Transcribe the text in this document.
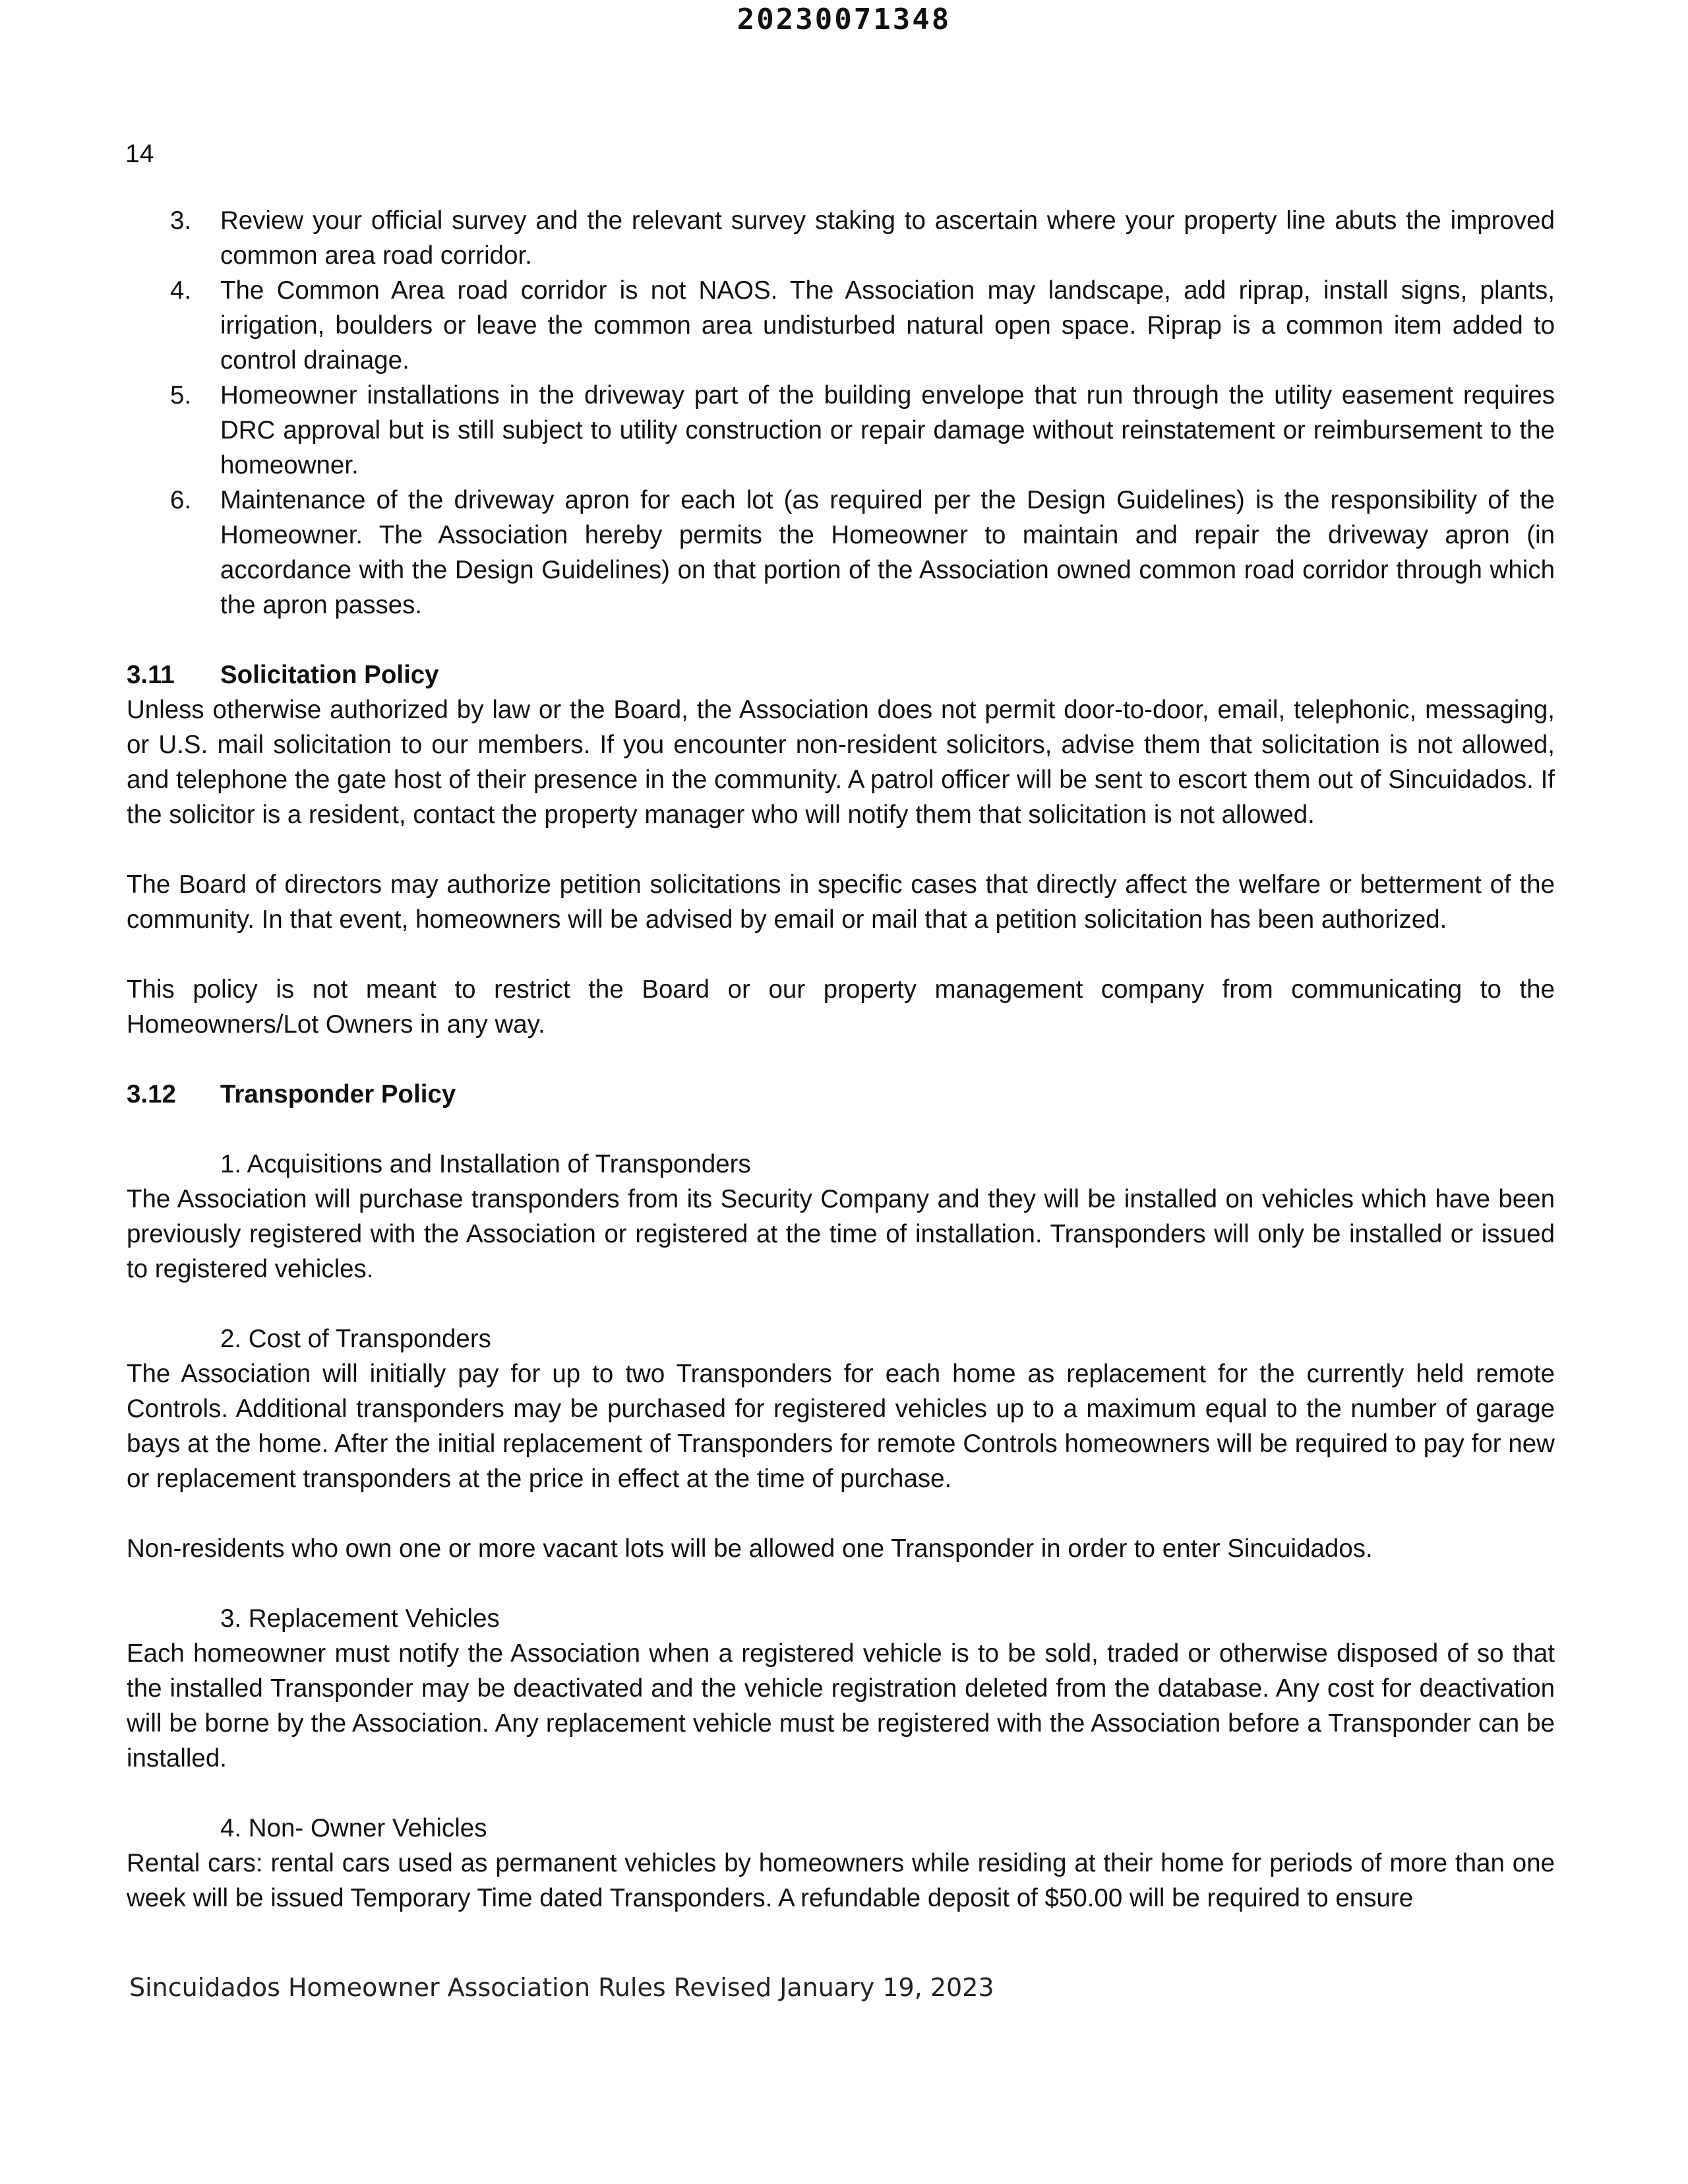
20230071348
14
3. Review your official survey and the relevant survey staking to ascertain where your property line abuts the improved common area road corridor.
4. The Common Area road corridor is not NAOS. The Association may landscape, add riprap, install signs, plants, irrigation, boulders or leave the common area undisturbed natural open space. Riprap is a common item added to control drainage.
5. Homeowner installations in the driveway part of the building envelope that run through the utility easement requires DRC approval but is still subject to utility construction or repair damage without reinstatement or reimbursement to the homeowner.
6. Maintenance of the driveway apron for each lot (as required per the Design Guidelines) is the responsibility of the Homeowner. The Association hereby permits the Homeowner to maintain and repair the driveway apron (in accordance with the Design Guidelines) on that portion of the Association owned common road corridor through which the apron passes.
3.11 Solicitation Policy

Unless otherwise authorized by law or the Board, the Association does not permit door-to-door, email, telephonic, messaging, or U.S. mail solicitation to our members. If you encounter non-resident solicitors, advise them that solicitation is not allowed, and telephone the gate host of their presence in the community. A patrol officer will be sent to escort them out of Sincuidados. If the solicitor is a resident, contact the property manager who will notify them that solicitation is not allowed.

The Board of directors may authorize petition solicitations in specific cases that directly affect the welfare or betterment of the community. In that event, homeowners will be advised by email or mail that a petition solicitation has been authorized.

This policy is not meant to restrict the Board or our property management company from communicating to the Homeowners/Lot Owners in any way.

3.12 Transponder Policy
1. Acquisitions and Installation of Transponders

The Association will purchase transponders from its Security Company and they will be installed on vehicles which have been previously registered with the Association or registered at the time of installation. Transponders will only be installed or issued to registered vehicles.

2. Cost of Transponders

The Association will initially pay for up to two Transponders for each home as replacement for the currently held remote Controls. Additional transponders may be purchased for registered vehicles up to a maximum equal to the number of garage bays at the home. After the initial replacement of Transponders for remote Controls homeowners will be required to pay for new or replacement transponders at the price in effect at the time of purchase.

Non-residents who own one or more vacant lots will be allowed one Transponder in order to enter Sincuidados.

3. Replacement Vehicles

Each homeowner must notify the Association when a registered vehicle is to be sold, traded or otherwise disposed of so that the installed Transponder may be deactivated and the vehicle registration deleted from the database. Any cost for deactivation will be borne by the Association. Any replacement vehicle must be registered with the Association before a Transponder can be installed.

4. Non- Owner Vehicles

Rental cars: rental cars used as permanent vehicles by homeowners while residing at their home for periods of more than one week will be issued Temporary Time dated Transponders. A refundable deposit of $50.00 will be required to ensure

Sincuidados Homeowner Association Rules Revised January 19, 2023
